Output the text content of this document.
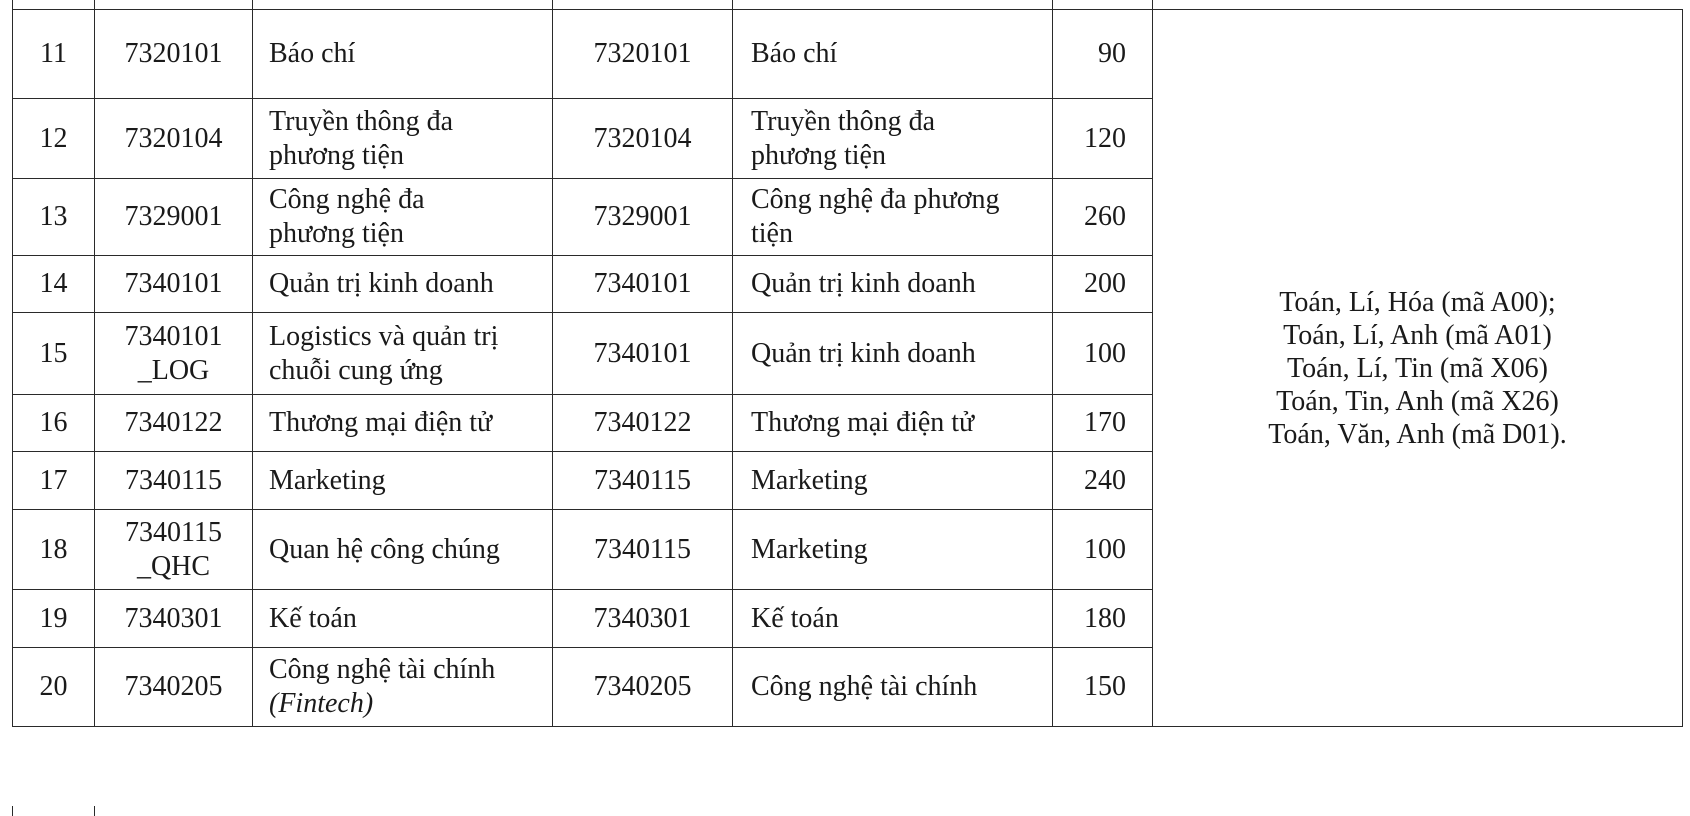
11	7320101	Báo chí	7320101	Báo chí	90	Toán, Lí, Hóa (mã A00);
Toán, Lí, Anh (mã A01)
Toán, Lí, Tin (mã X06)
Toán, Tin, Anh (mã X26)
Toán, Văn, Anh (mã D01).

12	7320104	Truyền thông đa
phương tiện	7320104	Truyền thông đa
phương tiện	120	

13	7329001	Công nghệ đa
phương tiện	7329001	Công nghệ đa phương
tiện	260	

14	7340101	Quản trị kinh doanh	7340101	Quản trị kinh doanh	200	

15	7340101
_LOG	Logistics và quản trị
chuỗi cung ứng	7340101	Quản trị kinh doanh	100	

16	7340122	Thương mại điện tử	7340122	Thương mại điện tử	170	

17	7340115	Marketing	7340115	Marketing	240	

18	7340115
_QHC	Quan hệ công chúng	7340115	Marketing	100	

19	7340301	Kế toán	7340301	Kế toán	180	

20	7340205	Công nghệ tài chính
(Fintech)	7340205	Công nghệ tài chính	150	
